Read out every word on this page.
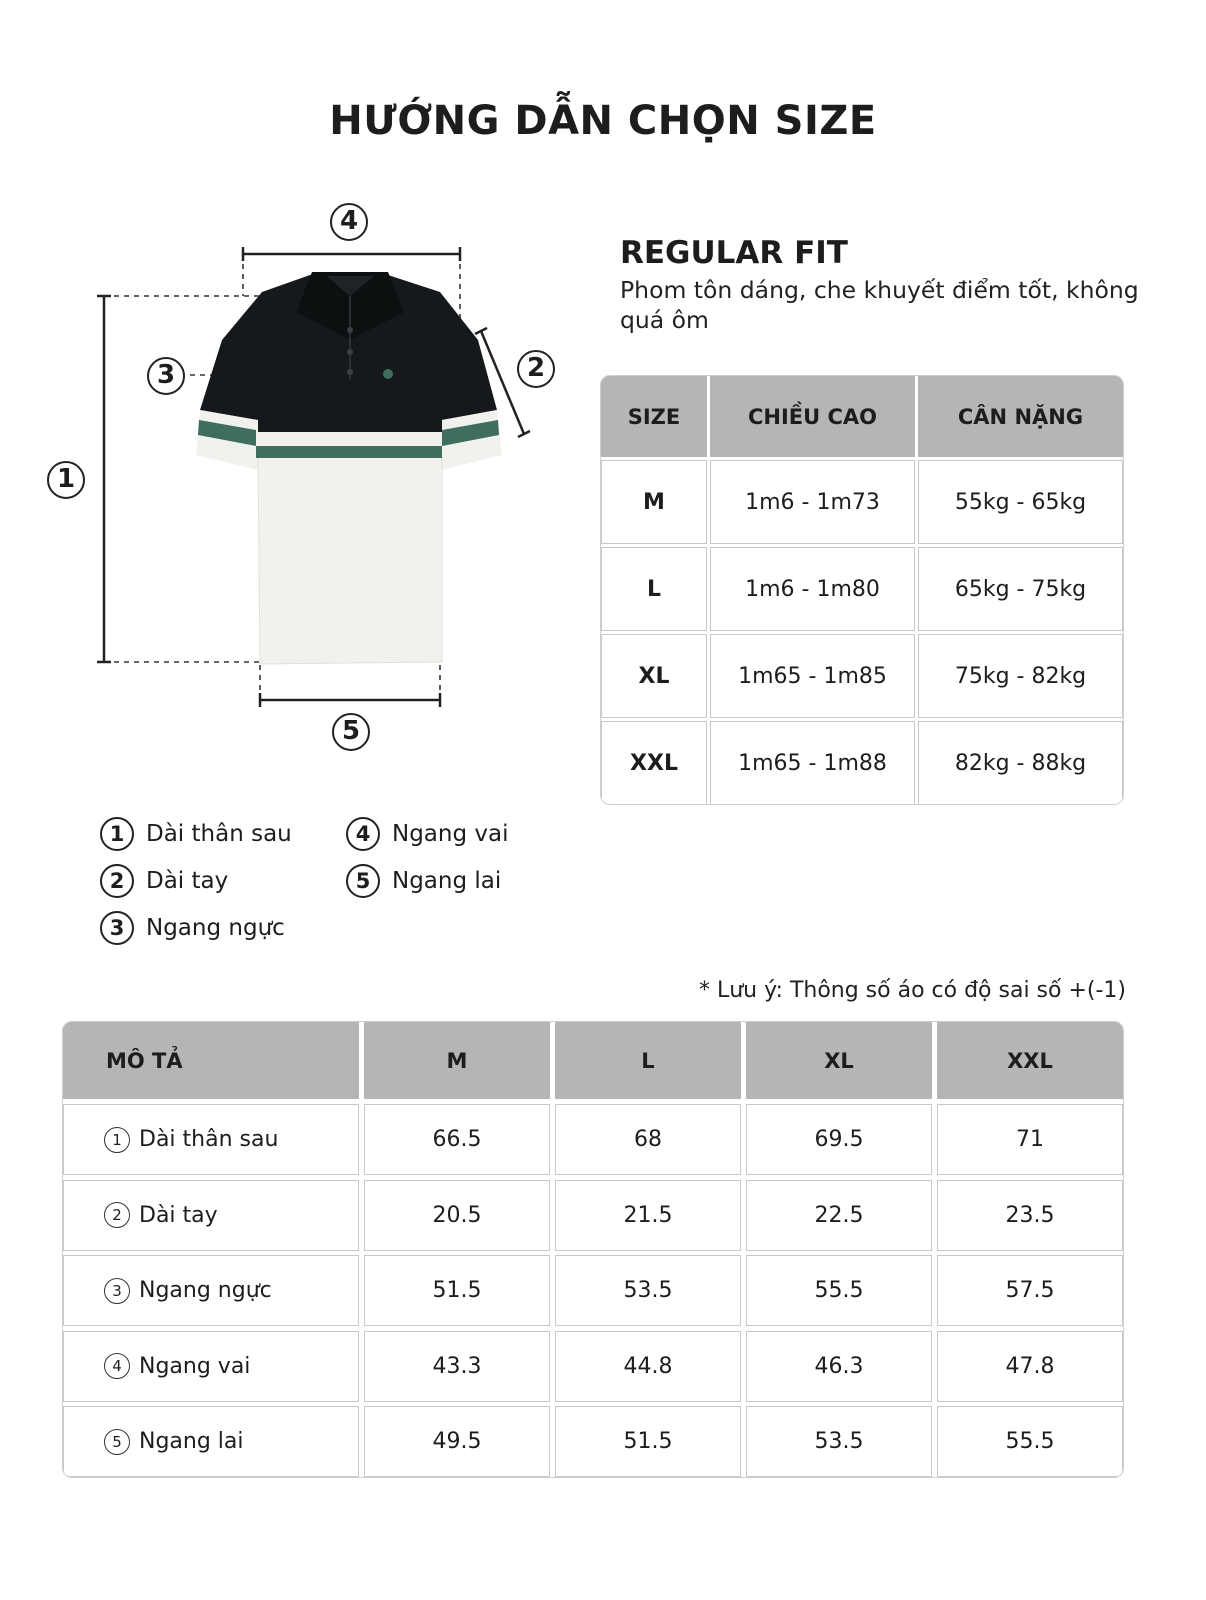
HƯỚNG DẪN CHỌN SIZE
1
2
3
4
5
REGULAR FIT
Phom tôn dáng, che khuyết điểm tốt, không quá ôm
SIZE	CHIỀU CAO	CÂN NẶNG
M	1m6 - 1m73	55kg - 65kg
L	1m6 - 1m80	65kg - 75kg
XL	1m65 - 1m85	75kg - 82kg
XXL	1m65 - 1m88	82kg - 88kg
1 Dài thân sau
2 Dài tay
3 Ngang ngực
4 Ngang vai
5 Ngang lai
* Lưu ý: Thông số áo có độ sai số +(-1)
MÔ TẢ	M	L	XL	XXL
1 Dài thân sau	66.5	68	69.5	71
2 Dài tay	20.5	21.5	22.5	23.5
3 Ngang ngực	51.5	53.5	55.5	57.5
4 Ngang vai	43.3	44.8	46.3	47.8
5 Ngang lai	49.5	51.5	53.5	55.5
